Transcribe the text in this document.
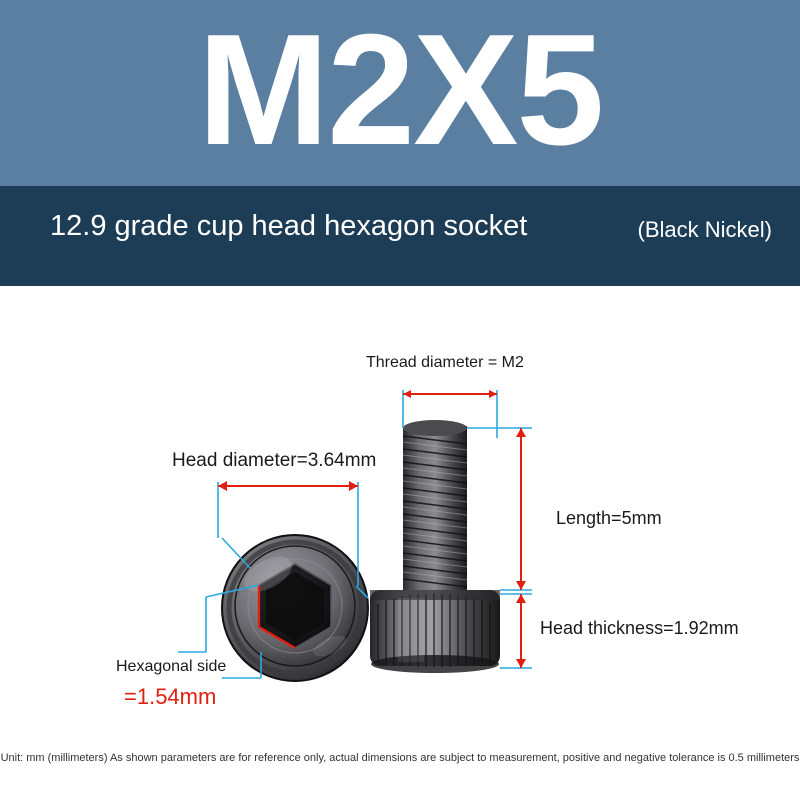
M2X5
12.9 grade cup head hexagon socket	(Black Nickel)
Thread diameter = M2
Head diameter=3.64mm
Length=5mm
Head thickness=1.92mm
Hexagonal side
=1.54mm
Unit: mm (millimeters) As shown parameters are for reference only, actual dimensions are subject to measurement, positive and negative tolerance is 0.5 millimeters
